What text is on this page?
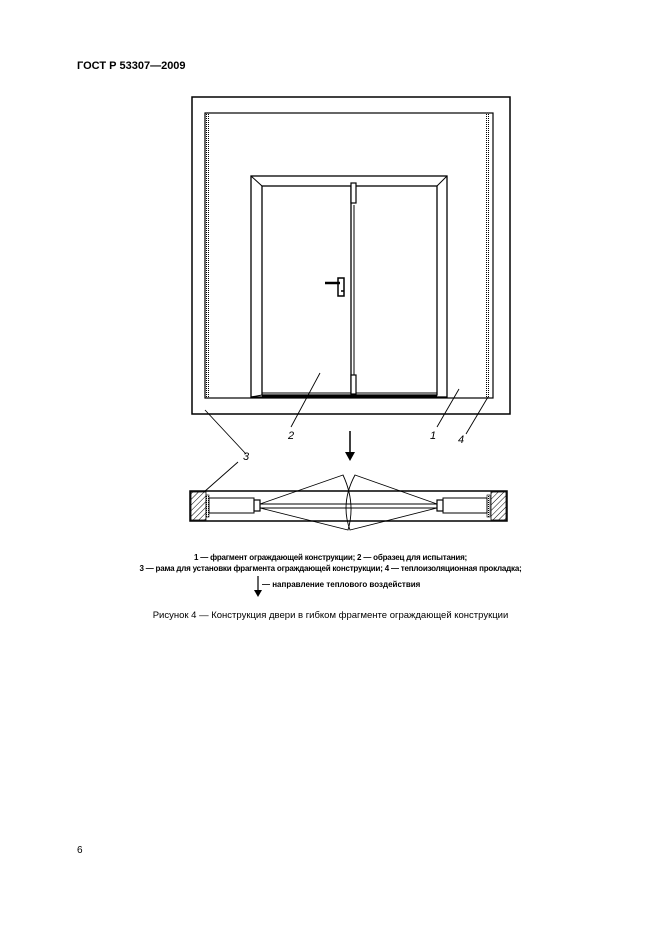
ГОСТ Р 53307—2009
3
2	1 4
1 — фрагмент ограждающей конструкции; 2 — образец для испытания;
3 — рама для установки фрагмента ограждающей конструкции; 4 — теплоизоляционная прокладка;
— направление теплового воздействия
Рисунок 4 — Конструкция двери в гибком фрагменте ограждающей конструкции
6
